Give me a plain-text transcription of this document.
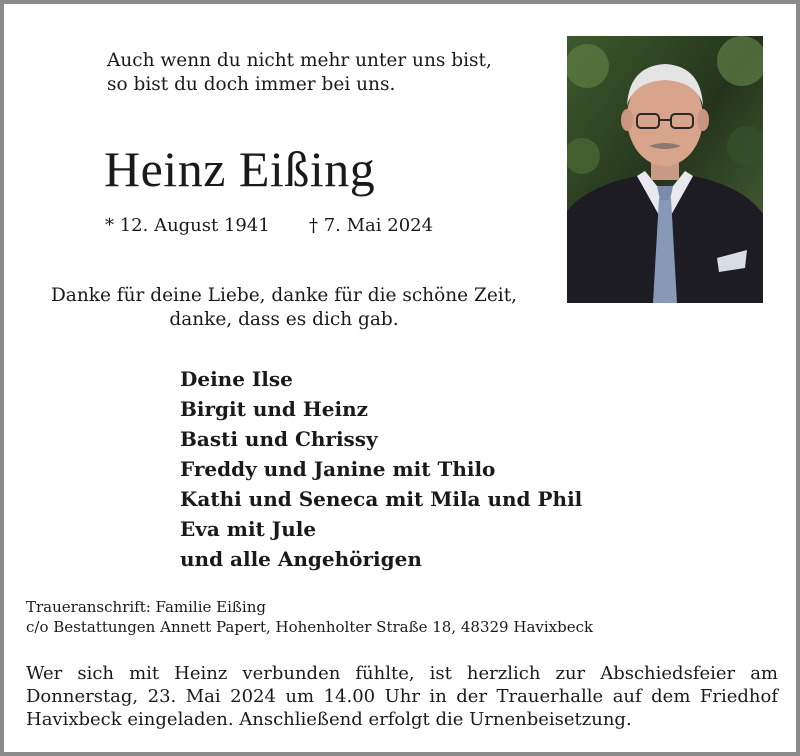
Auch wenn du nicht mehr unter uns bist,
so bist du doch immer bei uns.
Heinz Eißing
* 12. August 1941 † 7. Mai 2024
Danke für deine Liebe, danke für die schöne Zeit,
danke, dass es dich gab.
Deine Ilse
Birgit und Heinz
Basti und Chrissy
Freddy und Janine mit Thilo
Kathi und Seneca mit Mila und Phil
Eva mit Jule
und alle Angehörigen
Traueranschrift: Familie Eißing
c/o Bestattungen Annett Papert, Hohenholter Straße 18, 48329 Havixbeck
Wer sich mit Heinz verbunden fühlte, ist herzlich zur Abschiedsfeier am Donnerstag, 23. Mai 2024 um 14.00 Uhr in der Trauerhalle auf dem Friedhof Havixbeck eingeladen. Anschließend erfolgt die Urnenbeisetzung.
